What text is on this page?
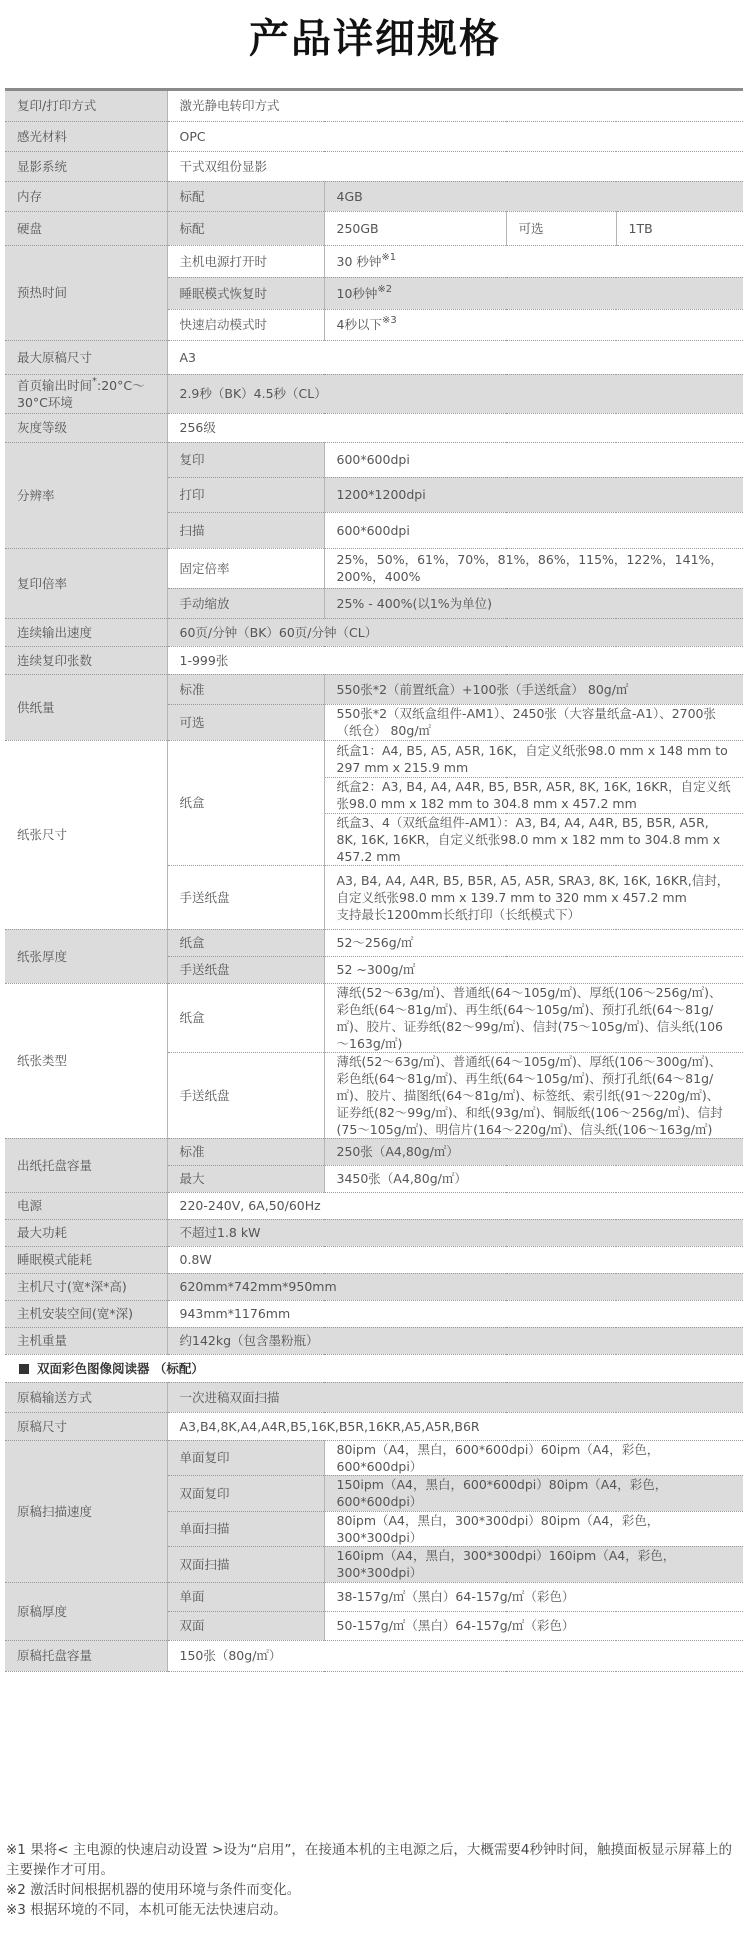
产品详细规格
复印/打印方式	激光静电转印方式			
感光材料	OPC			
显影系统	干式双组份显影			
内存	标配	4GB		
硬盘	标配	250GB	可选	1TB
预热时间	主机电源打开时	30 秒钟$^{※1}$
	睡眠模式恢复时	10秒钟$^{※2}$
	快速启动模式时	4秒以下$^{※3}$
最大原稿尺寸	A3			
首页输出时间*:20°C～30°C环境	2.9秒（BK）4.5秒（CL）			
灰度等级	256级			
分辨率	复印	600*600dpi		
	打印	1200*1200dpi		
	扫描	600*600dpi		
复印倍率	固定倍率	25%，50%，61%，70%，81%，86%，115%，122%，141%，200%，400%		
	手动缩放	25% - 400%(以1%为单位)		
连续输出速度	60页/分钟（BK）60页/分钟（CL）			
连续复印张数	1-999张			
供纸量	标准	550张*2（前置纸盒）+100张（手送纸盒） 80g/㎡		
	可选	550张*2（双纸盒组件-AM1）、2450张（大容量纸盒-A1）、2700张（纸仓） 80g/㎡		
纸张尺寸	纸盒	纸盒1：A4, B5, A5, A5R, 16K，自定义纸张98.0 mm x 148 mm to 297 mm x 215.9 mm		
		纸盒2：A3, B4, A4, A4R, B5, B5R, A5R, 8K, 16K, 16KR，自定义纸张98.0 mm x 182 mm to 304.8 mm x 457.2 mm		
		纸盒3、4（双纸盒组件-AM1）：A3, B4, A4, A4R, B5, B5R, A5R, 8K, 16K, 16KR，自定义纸张98.0 mm x 182 mm to 304.8 mm x 457.2 mm		
	手送纸盘	A3, B4, A4, A4R, B5, B5R, A5, A5R, SRA3, 8K, 16K, 16KR,信封，自定义纸张98.0 mm x 139.7 mm to 320 mm x 457.2 mm
支持最长1200mm长纸打印（长纸模式下）		

纸张厚度	纸盒	52～256g/㎡		
	手送纸盘	52 ~300g/㎡		
纸张类型	纸盒	薄纸(52～63g/㎡)、普通纸(64～105g/㎡)、厚纸(106～256g/㎡)、彩色纸(64～81g/㎡)、再生纸(64～105g/㎡)、预打孔纸(64～81g/㎡)、胶片、证券纸(82～99g/㎡)、信封(75～105g/㎡)、信头纸(106～163g/㎡)		
	手送纸盘	薄纸(52～63g/㎡)、普通纸(64～105g/㎡)、厚纸(106～300g/㎡)、彩色纸(64～81g/㎡)、再生纸(64～105g/㎡)、预打孔纸(64～81g/㎡)、胶片、描图纸(64～81g/㎡)、标签纸、索引纸(91～220g/㎡)、证券纸(82～99g/㎡)、和纸(93g/㎡)、铜版纸(106～256g/㎡)、信封(75～105g/㎡)、明信片(164～220g/㎡)、信头纸(106～163g/㎡)		
出纸托盘容量	标准	250张（A4,80g/㎡）		
	最大	3450张（A4,80g/㎡）		
电源	220-240V, 6A,50/60Hz			
最大功耗	不超过1.8 kW			
睡眠模式能耗	0.8W			
主机尺寸(宽*深*高)	620mm*742mm*950mm			
主机安装空间(宽*深)	943mm*1176mm			
主机重量	约142kg（包含墨粉瓶）			
双面彩色图像阅读器 （标配）				
原稿输送方式	一次进稿双面扫描			
原稿尺寸	A3,B4,8K,A4,A4R,B5,16K,B5R,16KR,A5,A5R,B6R			
原稿扫描速度	单面复印	80ipm（A4，黑白，600*600dpi）60ipm（A4，彩色，600*600dpi）		
	双面复印	150ipm（A4，黑白，600*600dpi）80ipm（A4，彩色，600*600dpi）		
	单面扫描	80ipm（A4，黑白，300*300dpi）80ipm（A4，彩色，300*300dpi）		
	双面扫描	160ipm（A4，黑白，300*300dpi）160ipm（A4，彩色，300*300dpi）		
原稿厚度	单面	38-157g/㎡（黑白）64-157g/㎡（彩色）		
	双面	50-157g/㎡（黑白）64-157g/㎡（彩色）		
原稿托盘容量	150张（80g/㎡）			

※1 果将< 主电源的快速启动设置 >设为“启用”，在接通本机的主电源之后，大概需要4秒钟时间，触摸面板显示屏幕上的主要操作才可用。

※2 激活时间根据机器的使用环境与条件而变化。

※3 根据环境的不同，本机可能无法快速启动。
